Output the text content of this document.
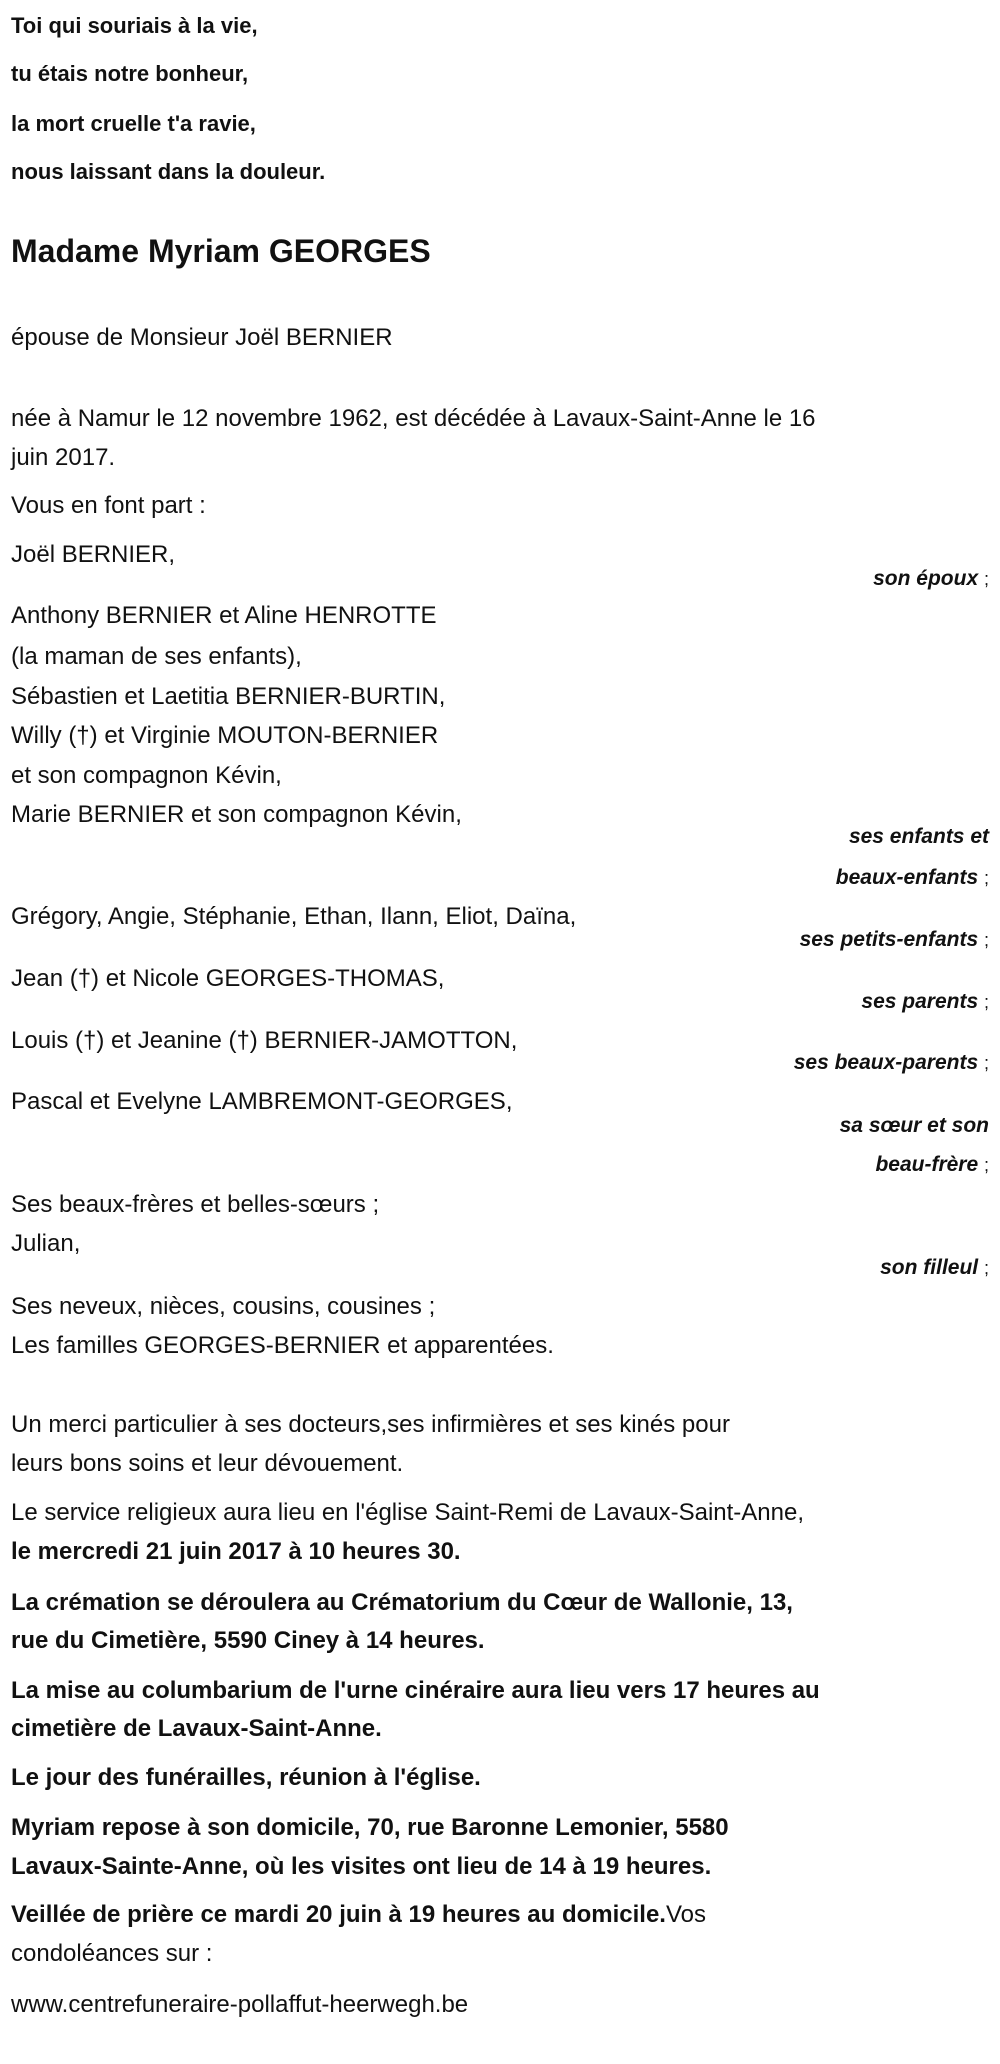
Toi qui souriais à la vie,
tu étais notre bonheur,
la mort cruelle t'a ravie,
nous laissant dans la douleur.
Madame Myriam GEORGES
épouse de Monsieur Joël BERNIER
née à Namur le 12 novembre 1962, est décédée à Lavaux-Saint-Anne le 16
juin 2017.
Vous en font part :
Joël BERNIER,
son époux ;
Anthony BERNIER et Aline HENROTTE
(la maman de ses enfants),
Sébastien et Laetitia BERNIER-BURTIN,
Willy (†) et Virginie MOUTON-BERNIER
et son compagnon Kévin,
Marie BERNIER et son compagnon Kévin,
ses enfants et
beaux-enfants ;
Grégory, Angie, Stéphanie, Ethan, Ilann, Eliot, Daïna,
ses petits-enfants ;
Jean (†) et Nicole GEORGES-THOMAS,
ses parents ;
Louis (†) et Jeanine (†) BERNIER-JAMOTTON,
ses beaux-parents ;
Pascal et Evelyne LAMBREMONT-GEORGES,
sa sœur et son
beau-frère ;
Ses beaux-frères et belles-sœurs ;
Julian,
son filleul ;
Ses neveux, nièces, cousins, cousines ;
Les familles GEORGES-BERNIER et apparentées.
Un merci particulier à ses docteurs,ses infirmières et ses kinés pour
leurs bons soins et leur dévouement.
Le service religieux aura lieu en l'église Saint-Remi de Lavaux-Saint-Anne,
le mercredi 21 juin 2017 à 10 heures 30.
La crémation se déroulera au Crématorium du Cœur de Wallonie, 13,
rue du Cimetière, 5590 Ciney à 14 heures.
La mise au columbarium de l'urne cinéraire aura lieu vers 17 heures au
cimetière de Lavaux-Saint-Anne.
Le jour des funérailles, réunion à l'église.
Myriam repose à son domicile, 70, rue Baronne Lemonier, 5580
Lavaux-Sainte-Anne, où les visites ont lieu de 14 à 19 heures.
Veillée de prière ce mardi 20 juin à 19 heures au domicile.Vos
condoléances sur :
www.centrefuneraire-pollaffut-heerwegh.be
